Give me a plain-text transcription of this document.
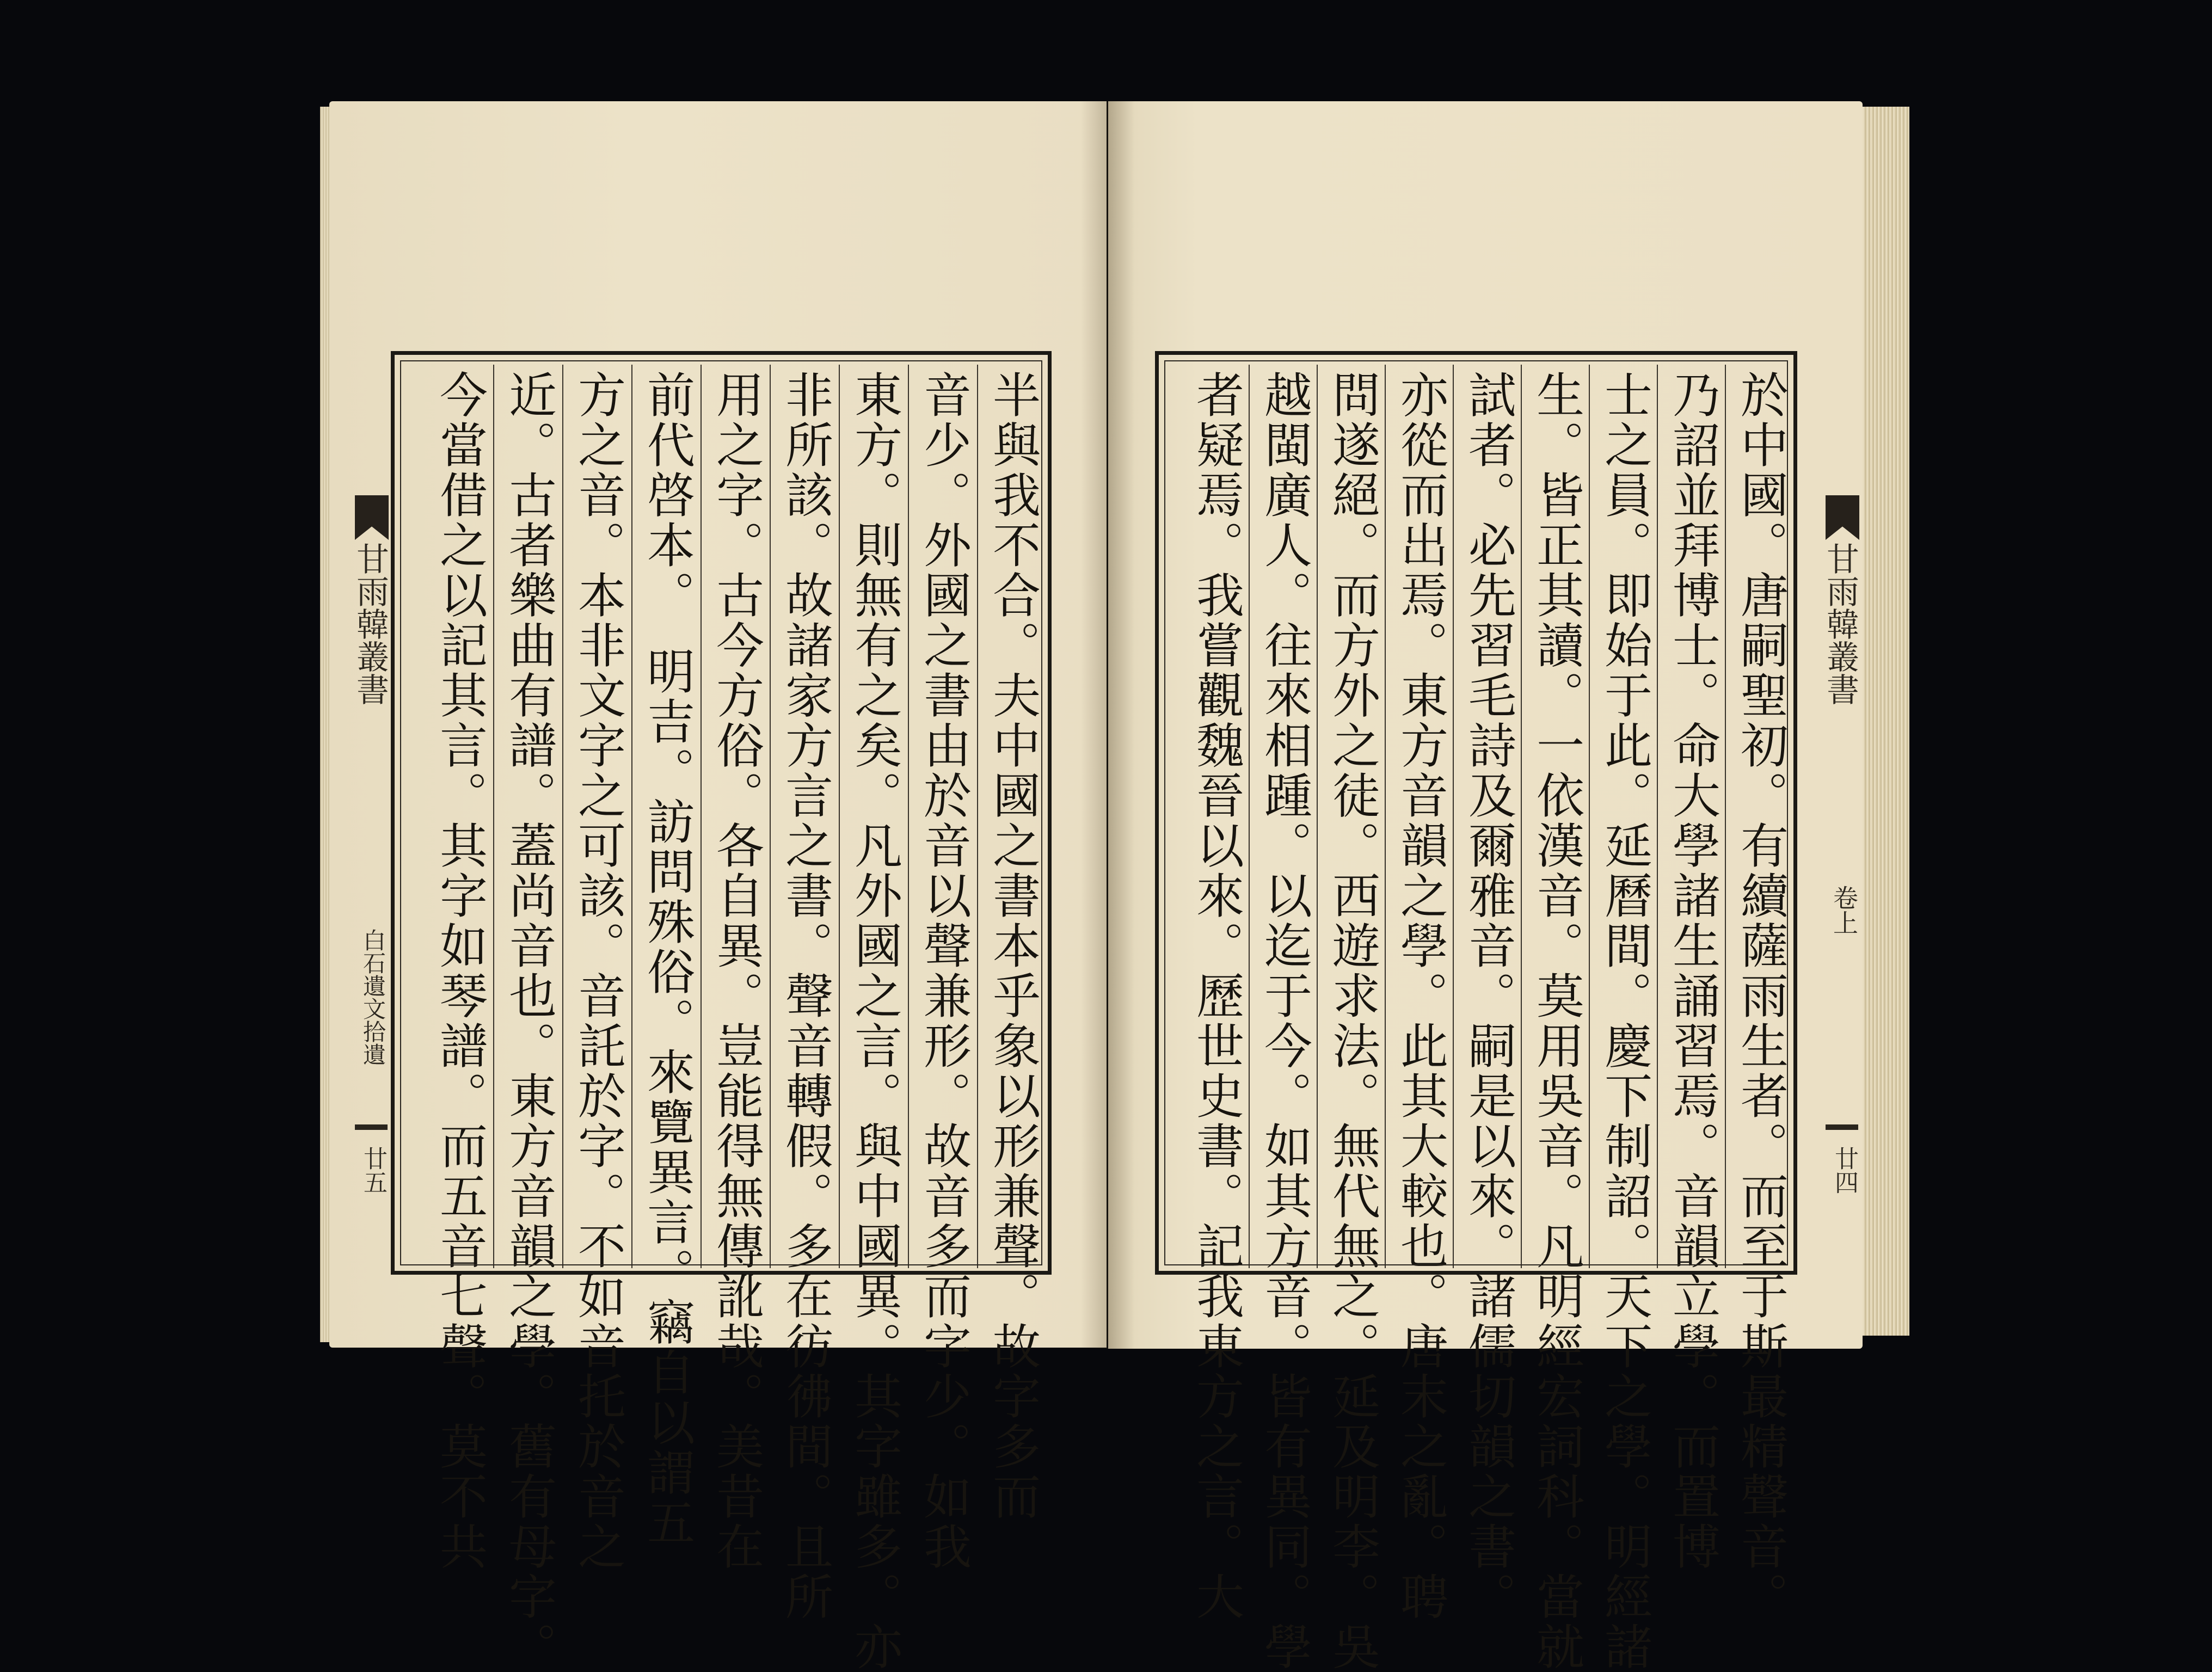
甘雨韓叢書
白石遺文拾遺
廿五	半與我不合。夫中國之書本乎象以形兼聲。故字多而
音少。外國之書由於音以聲兼形。故音多而字少。如我
東方。則無有之矣。凡外國之言。與中國異。其字雖多。亦
非所該。故諸家方言之書。聲音轉假。多在彷彿間。且所
用之字。古今方俗。各自異。豈能得無傳訛哉。美昔在
前代啓本。　明吉。訪問殊俗。來覽異言。竊自以謂五
方之音。本非文字之可該。音託於字。不如音托於音之
近。古者樂曲有譜。蓋尚音也。東方音韻之學。舊有母字。
今當借之以記其言。其字如琴譜。而五音七聲。莫不共	於中國。唐嗣聖初。有續薩雨生者。而至于斯最精聲音。
乃詔並拜博士。命大學諸生誦習焉。音韻立學。而置博
士之員。即始于此。延曆間。慶下制詔。天下之學。明經諸
生。皆正其讀。一依漢音。莫用吳音。凡明經宏詞科。當就
試者。必先習毛詩及爾雅音。嗣是以來。諸儒切韻之書。
亦從而出焉。東方音韻之學。此其大較也。唐末之亂。聘
問遂絕。而方外之徒。西遊求法。無代無之。延及明李。吳
越閩廣人。往來相踵。以迄于今。如其方音。皆有異同。學
者疑焉。我嘗觀魏晉以來。歷世史書。記我東方之言。大	甘雨韓叢書
卷上
廿四
